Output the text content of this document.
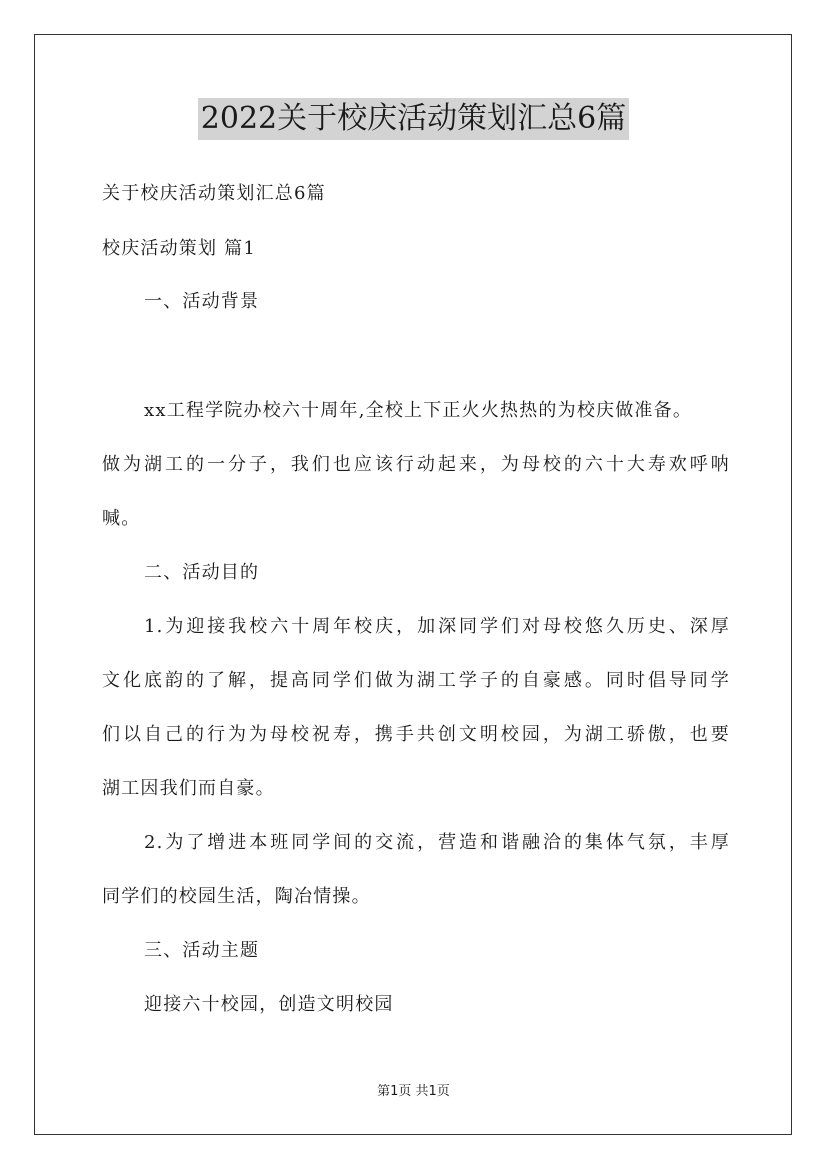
2022关于校庆活动策划汇总6篇
关于校庆活动策划汇总6篇
校庆活动策划 篇1
一、活动背景
xx工程学院办校六十周年,全校上下正火火热热的为校庆做准备。
做为湖工的一分子，我们也应该行动起来，为母校的六十大寿欢呼呐
喊。
二、活动目的
1.为迎接我校六十周年校庆，加深同学们对母校悠久历史、深厚
文化底韵的了解，提高同学们做为湖工学子的自豪感。同时倡导同学
们以自己的行为为母校祝寿，携手共创文明校园，为湖工骄傲，也要
湖工因我们而自豪。
2.为了增进本班同学间的交流，营造和谐融洽的集体气氛，丰厚
同学们的校园生活，陶冶情操。
三、活动主题
迎接六十校园，创造文明校园
第1页 共1页
